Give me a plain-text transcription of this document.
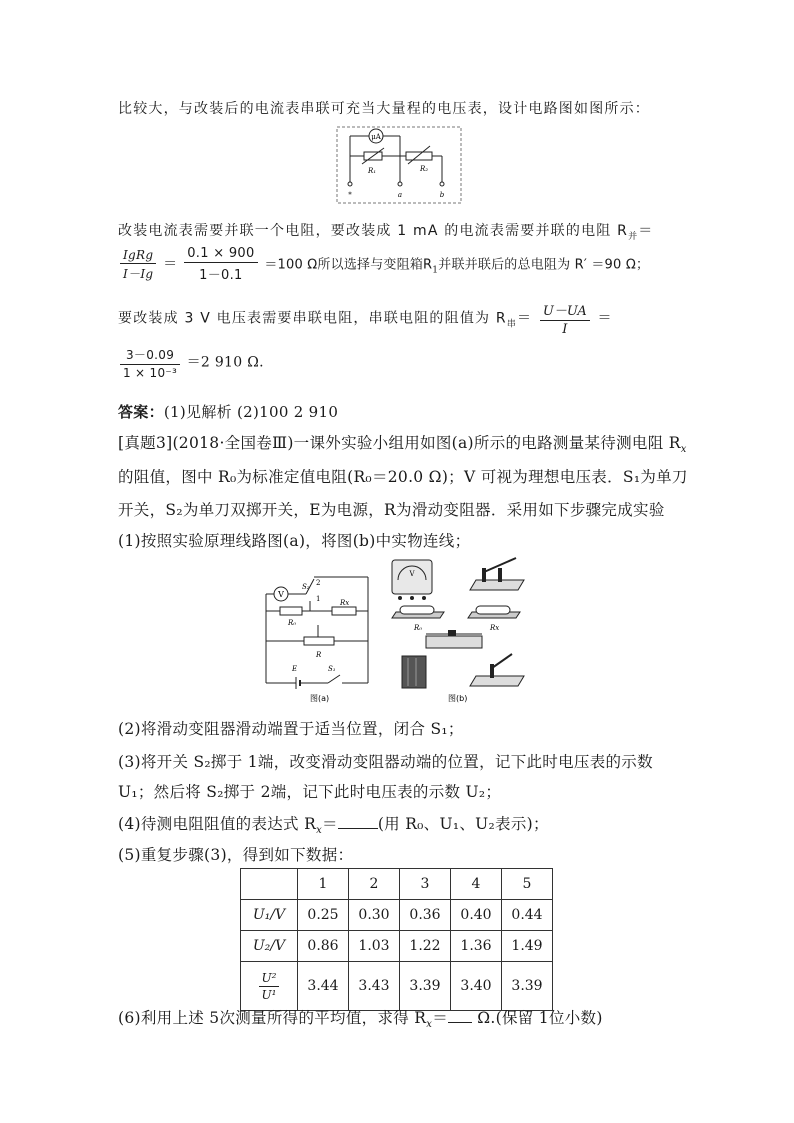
比较大，与改装后的电流表串联可充当大量程的电压表，设计电路图如图所示：
μA
R₁	R₂
*	a	b
改装电流表需要并联一个电阻，要改装成 1 mA 的电流表需要并联的电阻 $R_并=$
$\frac{\text{IgRg}}{I-Ig} = \frac{0.1 \times 900}{1-0.1} =100$ Ω所以选择与变阻箱$R_1$并联并联后的总电阻为 R′ ＝90 Ω；
要改装成 3 V 电压表需要串联电阻，串联电阻的阻值为 $R_串= \frac{U-UA}{I}$ ＝
$\frac{3-0.09}{\text{1 × 10⁻³}} =2$ 910 Ω.
答案：(1)见解析 (2)100 2 910
[真题3](2018·全国卷Ⅲ)一课外实验小组用如图(a)所示的电路测量某待测电阻 $R_x$
的阻值，图中 R₀为标准定值电阻(R₀＝20.0 Ω)；V 可视为理想电压表．S₁为单刀
开关，S₂为单刀双掷开关，E为电源，R为滑动变阻器．采用如下步骤完成实验
(1)按照实验原理线路图(a)，将图(b)中实物连线；
V
S₂ 2
1
R₀
Rx
R
E	S₁
图(a)
V
R₀	Rx
图(b)
(2)将滑动变阻器滑动端置于适当位置，闭合 S₁；
(3)将开关 S₂掷于 1端，改变滑动变阻器动端的位置，记下此时电压表的示数
U₁；然后将 S₂掷于 2端，记下此时电压表的示数 U₂；
(4)待测电阻阻值的表达式 $R_x=$	(用 R₀、U₁、U₂表示)；
(5)重复步骤(3)，得到如下数据：
	1	2	3	4	5
U₁/V	0.25	0.30	0.36	0.40	0.44
U₂/V	0.86	1.03	1.22	1.36	1.49

$\frac{\text{U²}}{\text{U¹}}$	3.44	3.43	3.39	3.40	3.39
(6)利用上述 5次测量所得的平均值，求得 $R_x= \Omega$.(保留 1位小数)
